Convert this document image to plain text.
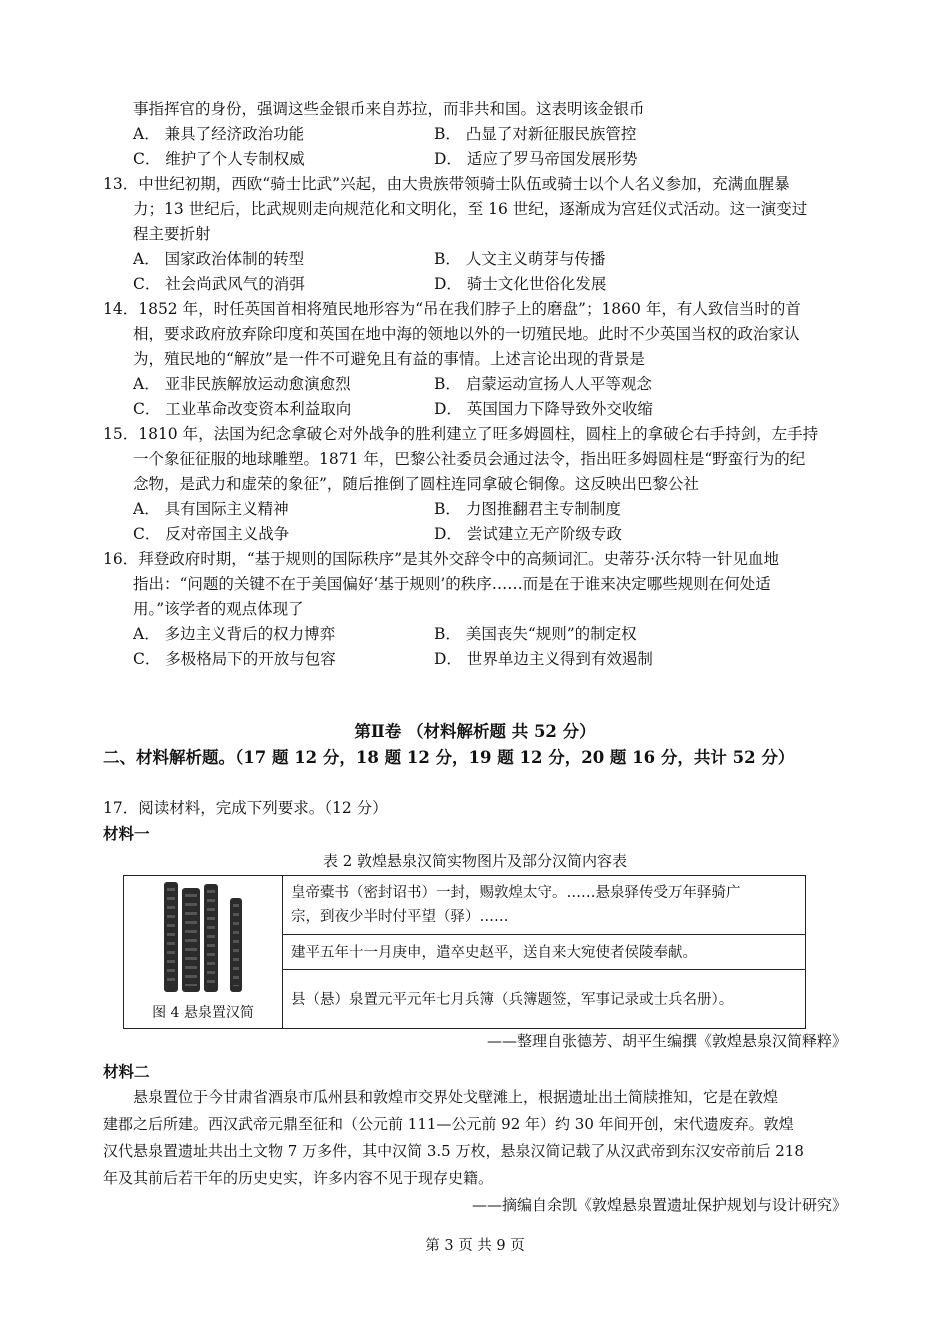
事指挥官的身份，强调这些金银币来自苏拉，而非共和国。这表明该金银币
A． 兼具了经济政治功能	B． 凸显了对新征服民族管控
C． 维护了个人专制权威	D． 适应了罗马帝国发展形势
13．中世纪初期，西欧“骑士比武”兴起，由大贵族带领骑士队伍或骑士以个人名义参加，充满血腥暴
力；13 世纪后，比武规则走向规范化和文明化，至 16 世纪，逐渐成为宫廷仪式活动。这一演变过
程主要折射
A． 国家政治体制的转型	B． 人文主义萌芽与传播
C． 社会尚武风气的消弭	D． 骑士文化世俗化发展
14．1852 年，时任英国首相将殖民地形容为“吊在我们脖子上的磨盘”；1860 年，有人致信当时的首
相，要求政府放弃除印度和英国在地中海的领地以外的一切殖民地。此时不少英国当权的政治家认
为，殖民地的“解放”是一件不可避免且有益的事情。上述言论出现的背景是
A． 亚非民族解放运动愈演愈烈	B． 启蒙运动宣扬人人平等观念
C． 工业革命改变资本利益取向	D． 英国国力下降导致外交收缩
15．1810 年，法国为纪念拿破仑对外战争的胜利建立了旺多姆圆柱，圆柱上的拿破仑右手持剑，左手持
一个象征征服的地球雕塑。1871 年，巴黎公社委员会通过法令，指出旺多姆圆柱是“野蛮行为的纪
念物，是武力和虚荣的象征”，随后推倒了圆柱连同拿破仑铜像。这反映出巴黎公社
A． 具有国际主义精神	B． 力图推翻君主专制制度
C． 反对帝国主义战争	D． 尝试建立无产阶级专政
16．拜登政府时期，“基于规则的国际秩序”是其外交辞令中的高频词汇。史蒂芬·沃尔特一针见血地
指出：“问题的关键不在于美国偏好‘基于规则’的秩序……而是在于谁来决定哪些规则在何处适
用。”该学者的观点体现了
A． 多边主义背后的权力博弈	B． 美国丧失“规则”的制定权
C． 多极格局下的开放与包容	D． 世界单边主义得到有效遏制
第Ⅱ卷 （材料解析题 共 52 分）
二、材料解析题。（17 题 12 分，18 题 12 分，19 题 12 分，20 题 16 分，共计 52 分）
17．阅读材料，完成下列要求。（12 分）
材料一
表 2 敦煌悬泉汉简实物图片及部分汉简内容表
图 4 悬泉置汉简

皇帝橐书（密封诏书）一封，赐敦煌太守。……悬泉驿传受万年驿骑广
宗，到夜少半时付平望（驿）……

建平五年十一月庚申，遣卒史赵平，送自来大宛使者侯陵奉献。
县（悬）泉置元平元年七月兵簿（兵簿题签，军事记录或士兵名册）。
——整理自张德芳、胡平生编撰《敦煌悬泉汉简释粹》
材料二
悬泉置位于今甘肃省酒泉市瓜州县和敦煌市交界处戈壁滩上，根据遗址出土简牍推知，它是在敦煌
建郡之后所建。西汉武帝元鼎至征和（公元前 111—公元前 92 年）约 30 年间开创，宋代遗废弃。敦煌
汉代悬泉置遗址共出土文物 7 万多件，其中汉简 3.5 万枚，悬泉汉简记载了从汉武帝到东汉安帝前后 218
年及其前后若干年的历史史实，许多内容不见于现存史籍。
——摘编自余凯《敦煌悬泉置遗址保护规划与设计研究》
第 3 页 共 9 页
